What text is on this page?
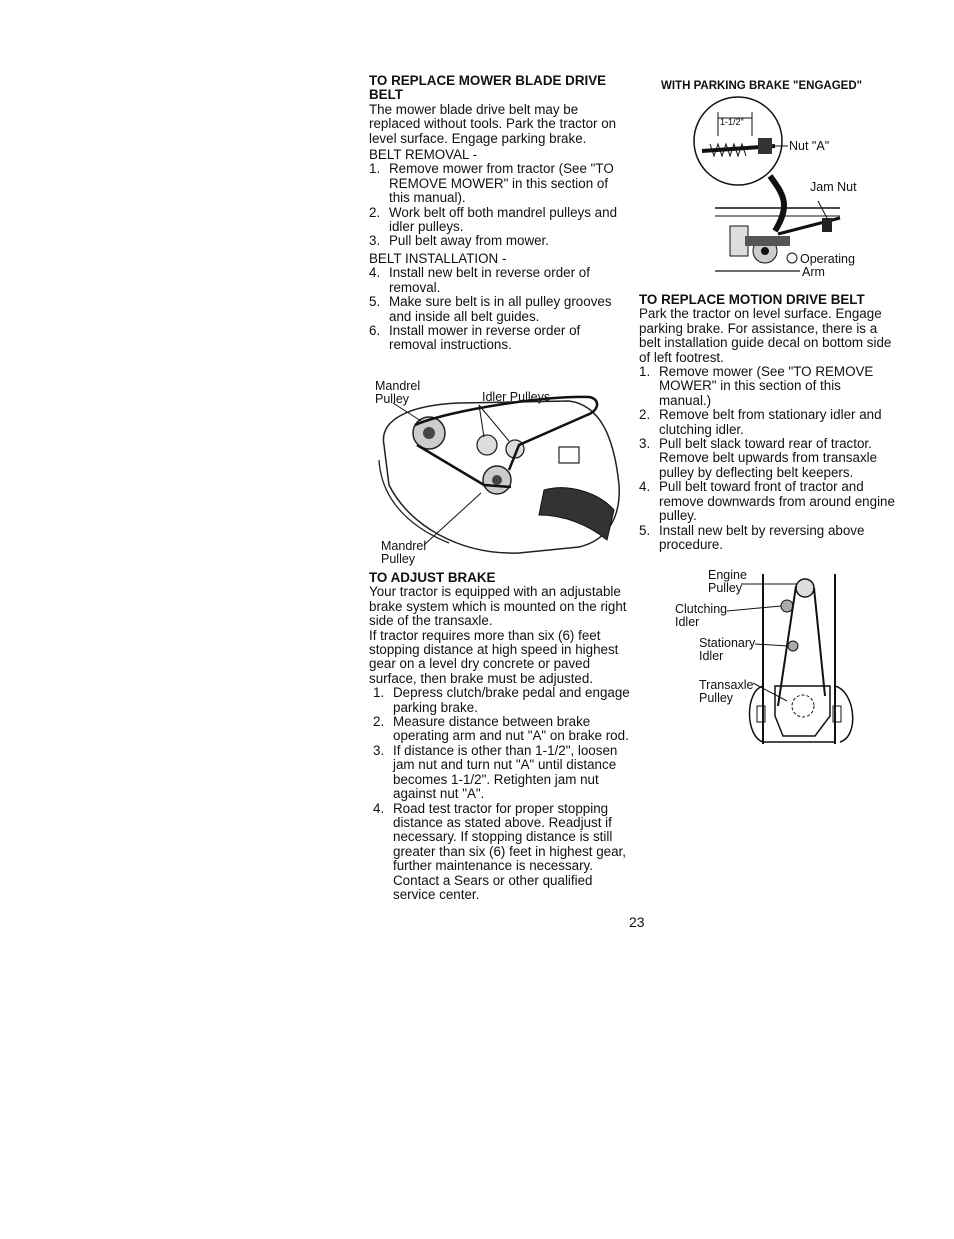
TO REPLACE MOWER BLADE DRIVE BELT

The mower blade drive belt may be replaced without tools. Park the tractor on level surface. Engage parking brake.

BELT REMOVAL -

1. Remove mower from tractor (See "TO REMOVE MOWER" in this section of this manual).
2. Work belt off both mandrel pulleys and idler pulleys.
3. Pull belt away from mower.

BELT INSTALLATION -

4. Install new belt in reverse order of removal.
5. Make sure belt is in all pulley grooves and inside all belt guides.
6. Install mower in reverse order of removal instructions.
Mandrel
Pulley	Idler Pulleys
Mandrel
Pulley

TO ADJUST BRAKE

Your tractor is equipped with an adjustable brake system which is mounted on the right side of the transaxle.

If tractor requires more than six (6) feet stopping distance at high speed in highest gear on a level dry concrete or paved surface, then brake must be adjusted.

1. Depress clutch/brake pedal and engage parking brake.
2. Measure distance between brake operating arm and nut "A" on brake rod.
3. If distance is other than 1-1/2", loosen jam nut and turn nut "A" until distance becomes 1-1/2". Retighten jam nut against nut "A".
4. Road test tractor for proper stopping distance as stated above. Readjust if necessary. If stopping distance is still greater than six (6) feet in highest gear, further maintenance is necessary. Contact a Sears or other qualified service center.
WITH PARKING BRAKE "ENGAGED"
1-1/2"
Nut "A"
Jam Nut
Operating
Arm

TO REPLACE MOTION DRIVE BELT

Park the tractor on level surface. Engage parking brake. For assistance, there is a belt installation guide decal on bottom side of left footrest.

1. Remove mower (See "TO REMOVE MOWER" in this section of this manual.)
2. Remove belt from stationary idler and clutching idler.
3. Pull belt slack toward rear of tractor. Remove belt upwards from transaxle pulley by deflecting belt keepers.
4. Pull belt toward front of tractor and remove downwards from around engine pulley.
5. Install new belt by reversing above procedure.
Engine
Pulley
Clutching
Idler
Stationary
Idler
Transaxle
Pulley
23
